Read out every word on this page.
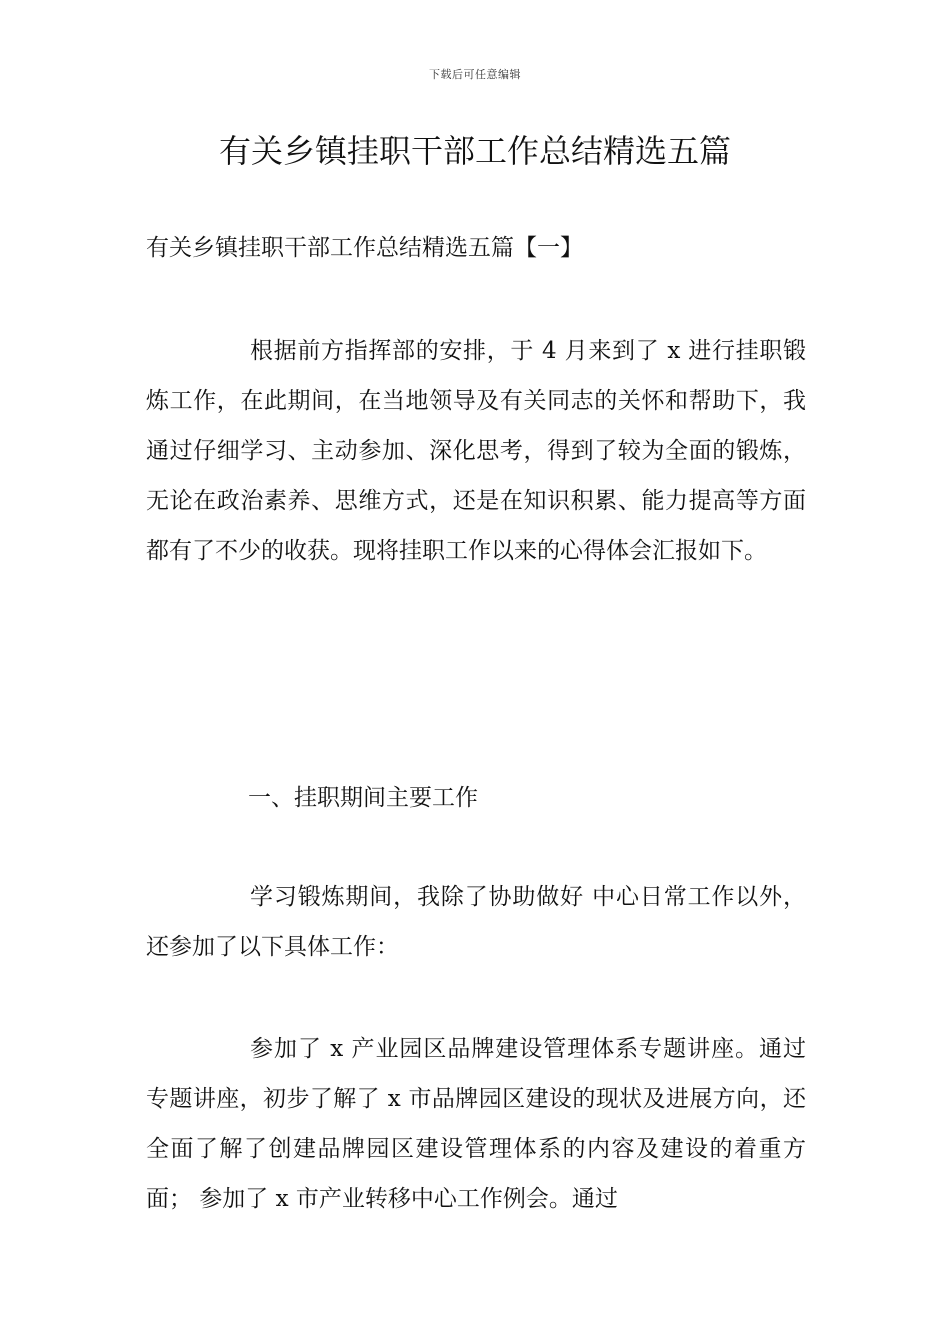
下载后可任意编辑
有关乡镇挂职干部工作总结精选五篇
有关乡镇挂职干部工作总结精选五篇【一】

根据前方指挥部的安排，于 4 月来到了 x 进行挂职锻炼工作，在此期间，在当地领导及有关同志的关怀和帮助下，我通过仔细学习、主动参加、深化思考，得到了较为全面的锻炼，无论在政治素养、思维方式，还是在知识积累、能力提高等方面都有了不少的收获。现将挂职工作以来的心得体会汇报如下。

一、挂职期间主要工作

学习锻炼期间，我除了协助做好 中心日常工作以外， 还参加了以下具体工作：

参加了 x 产业园区品牌建设管理体系专题讲座。通过专题讲座，初步了解了 x 市品牌园区建设的现状及进展方向，还全面了解了创建品牌园区建设管理体系的内容及建设的着重方面； 参加了 x 市产业转移中心工作例会。通过
